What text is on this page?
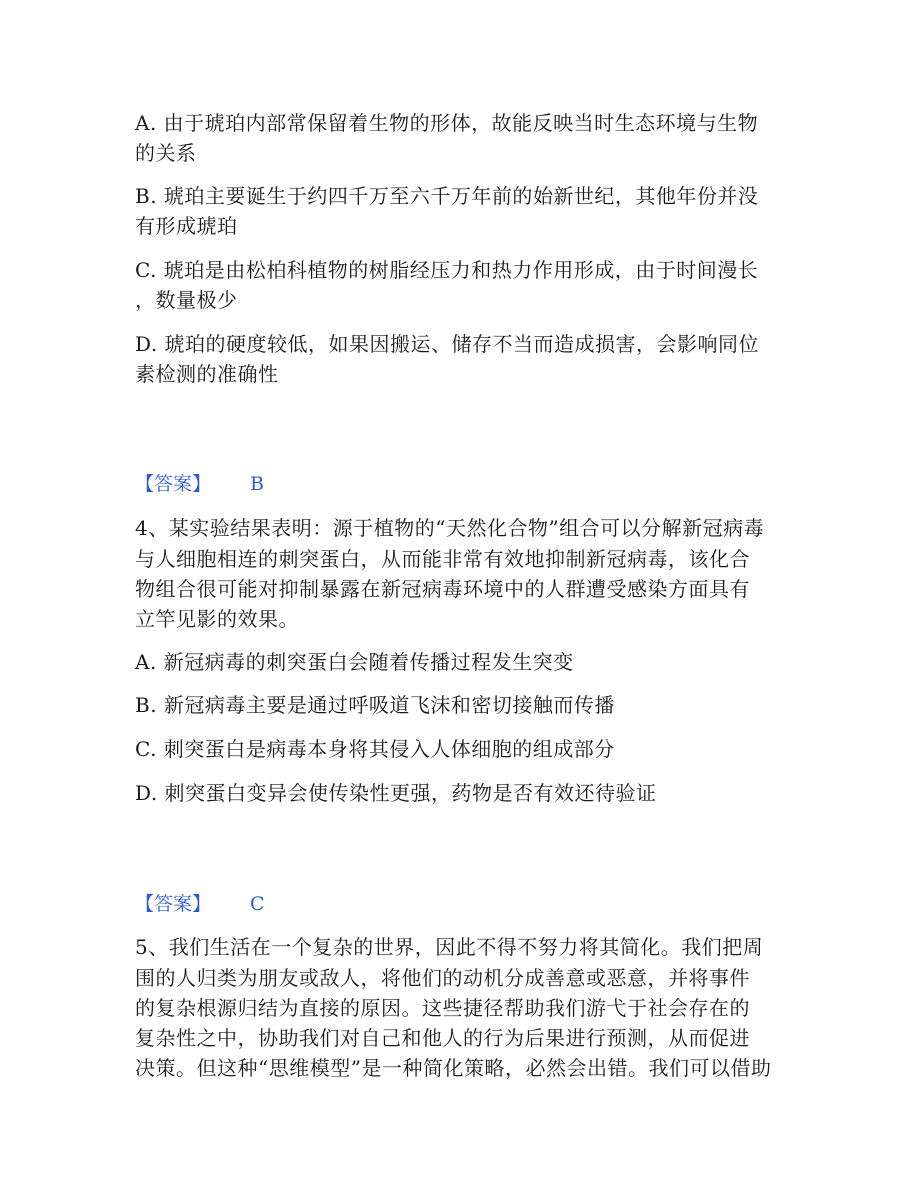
A. 由于琥珀内部常保留着生物的形体，故能反映当时生态环境与生物
的关系
B. 琥珀主要诞生于约四千万至六千万年前的始新世纪，其他年份并没
有形成琥珀
C. 琥珀是由松柏科植物的树脂经压力和热力作用形成，由于时间漫长
，数量极少
D. 琥珀的硬度较低，如果因搬运、储存不当而造成损害，会影响同位
素检测的准确性
【答案】 B
4、某实验结果表明：源于植物的“天然化合物”组合可以分解新冠病毒
与人细胞相连的刺突蛋白，从而能非常有效地抑制新冠病毒，该化合
物组合很可能对抑制暴露在新冠病毒环境中的人群遭受感染方面具有
立竿见影的效果。
A. 新冠病毒的刺突蛋白会随着传播过程发生突变
B. 新冠病毒主要是通过呼吸道飞沫和密切接触而传播
C. 刺突蛋白是病毒本身将其侵入人体细胞的组成部分
D. 刺突蛋白变异会使传染性更强，药物是否有效还待验证
【答案】 C
5、我们生活在一个复杂的世界，因此不得不努力将其简化。我们把周
围的人归类为朋友或敌人，将他们的动机分成善意或恶意，并将事件
的复杂根源归结为直接的原因。这些捷径帮助我们游弋于社会存在的
复杂性之中，协助我们对自己和他人的行为后果进行预测，从而促进
决策。但这种“思维模型”是一种简化策略，必然会出错。我们可以借助
